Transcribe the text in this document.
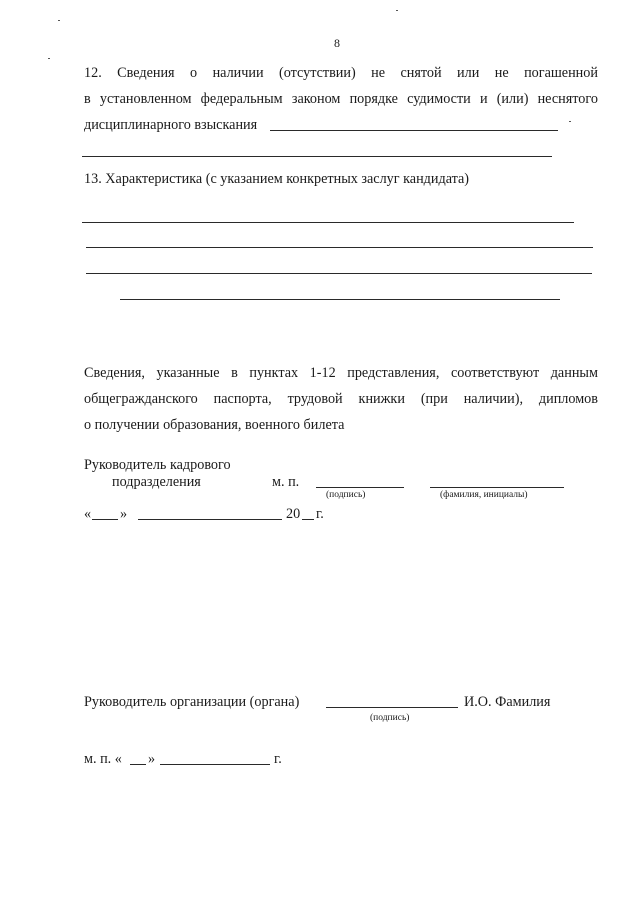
8
12. Сведения о наличии (отсутствии) не снятой или не погашенной
в установленном федеральным законом порядке судимости и (или) неснятого
дисциплинарного взыскания
13. Характеристика (с указанием конкретных заслуг кандидата)
Сведения, указанные в пунктах 1-12 представления, соответствуют данным
общегражданского паспорта, трудовой книжки (при наличии), дипломов
о получении образования, военного билета
Руководитель кадрового
подразделения	м. п.
(подпись)	(фамилия, инициалы)
« »	20 г.
Руководитель организации (органа)	И.О. Фамилия
(подпись)
м. п. « »	г.
